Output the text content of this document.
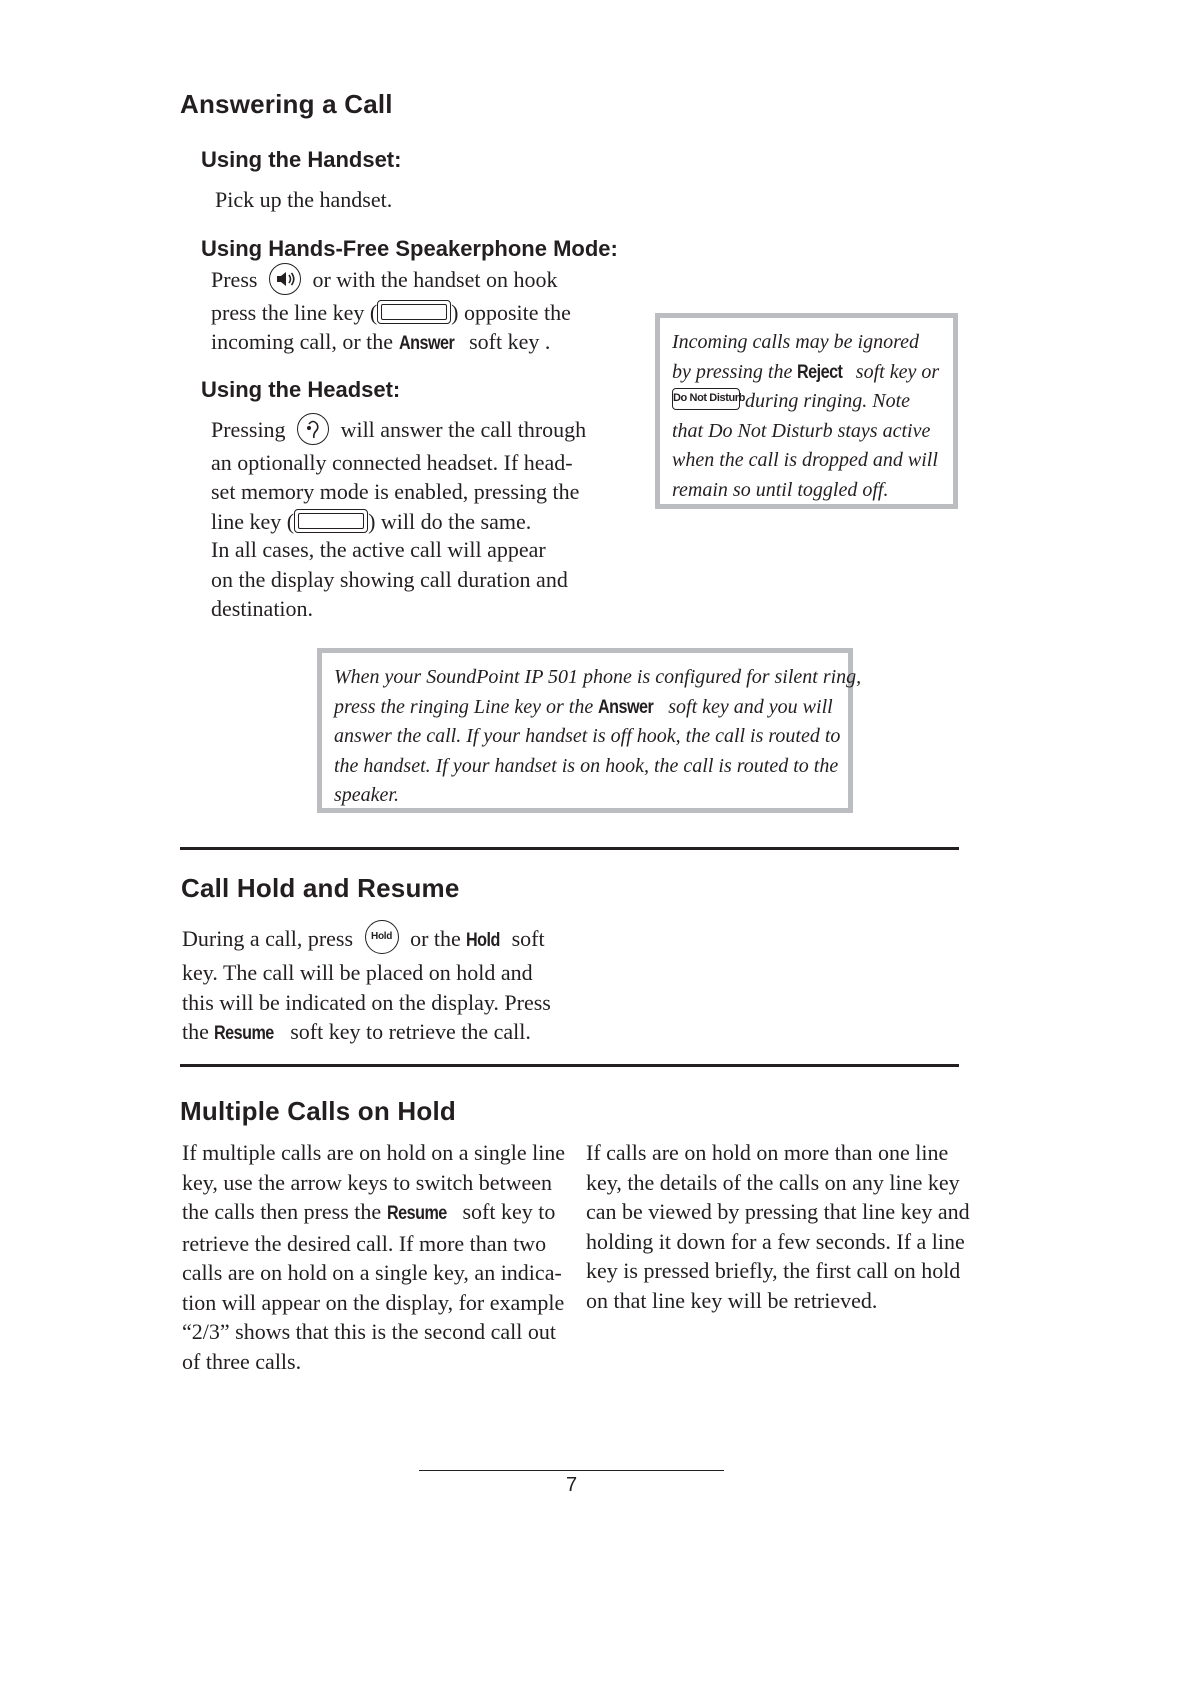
Answering a Call
Using the Handset:
Pick up the handset.
Using Hands-Free Speakerphone Mode:
Press	or with the handset on hook
press the line key (	) opposite the
incoming call, or the Answer soft key .
Using the Headset:
Pressing	will answer the call through
an optionally connected headset. If head-
set memory mode is enabled, pressing the
line key (	) will do the same.
In all cases, the active call will appear
on the display showing call duration and
destination.
Incoming calls may be ignored
by pressing the Reject soft key or
Do Not Disturb during ringing. Note
that Do Not Disturb stays active
when the call is dropped and will
remain so until toggled off.
When your SoundPoint IP 501 phone is configured for silent ring,
press the ringing Line key or the Answer soft key and you will
answer the call. If your handset is off hook, the call is routed to
the handset. If your handset is on hook, the call is routed to the
speaker.
Call Hold and Resume
During a call, press Hold or the Hold soft
key. The call will be placed on hold and
this will be indicated on the display. Press
the Resume soft key to retrieve the call.
Multiple Calls on Hold
If multiple calls are on hold on a single line
key, use the arrow keys to switch between
the calls then press the Resume soft key to
retrieve the desired call. If more than two
calls are on hold on a single key, an indica-
tion will appear on the display, for example
“2/3” shows that this is the second call out
of three calls.
If calls are on hold on more than one line
key, the details of the calls on any line key
can be viewed by pressing that line key and
holding it down for a few seconds. If a line
key is pressed briefly, the first call on hold
on that line key will be retrieved.
7
